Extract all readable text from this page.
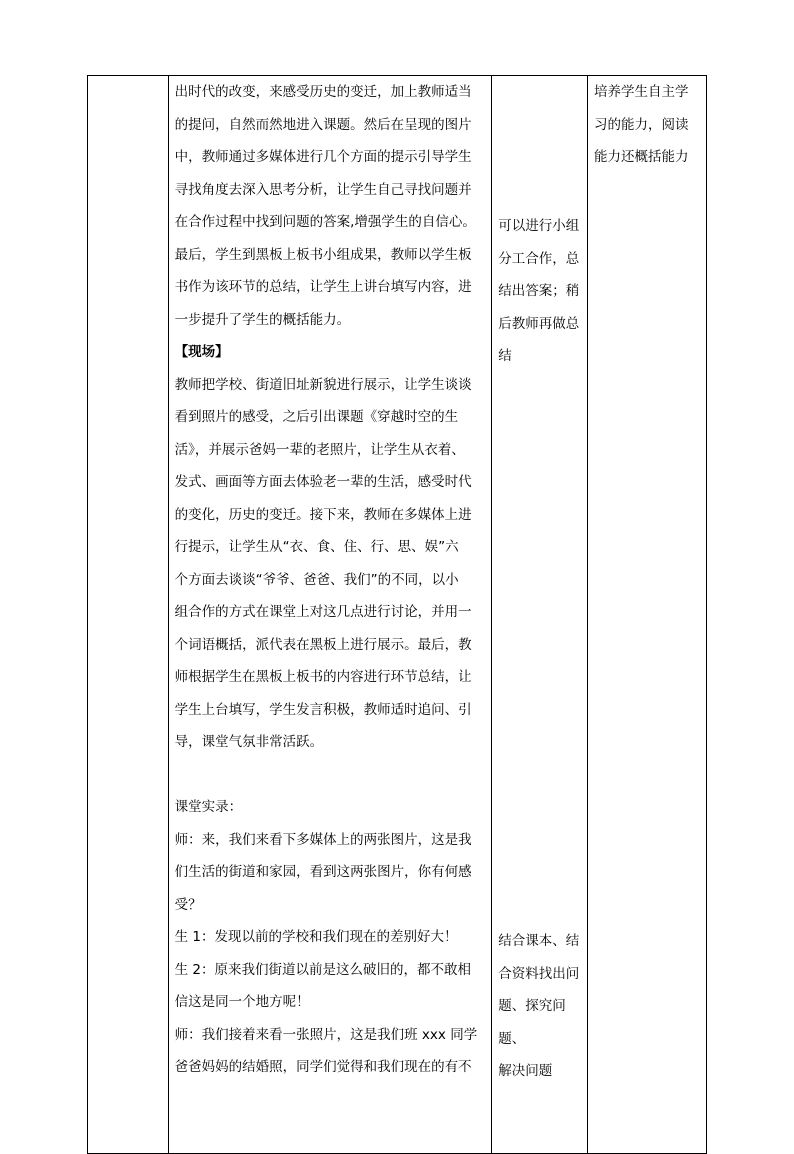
出时代的改变，来感受历史的变迁，加上教师适当
的提问，自然而然地进入课题。然后在呈现的图片
中，教师通过多媒体进行几个方面的提示引导学生
寻找角度去深入思考分析，让学生自己寻找问题并
在合作过程中找到问题的答案,增强学生的自信心。
最后，学生到黑板上板书小组成果，教师以学生板
书作为该环节的总结，让学生上讲台填写内容，进
一步提升了学生的概括能力。
【现场】
教师把学校、街道旧址新貌进行展示，让学生谈谈
看到照片的感受，之后引出课题《穿越时空的生
活》，并展示爸妈一辈的老照片，让学生从衣着、
发式、画面等方面去体验老一辈的生活，感受时代
的变化，历史的变迁。接下来，教师在多媒体上进
行提示，让学生从“衣、食、住、行、思、娱”六
个方面去谈谈“爷爷、爸爸、我们”的不同，以小
组合作的方式在课堂上对这几点进行讨论，并用一
个词语概括，派代表在黑板上进行展示。最后，教
师根据学生在黑板上板书的内容进行环节总结，让
学生上台填写，学生发言积极，教师适时追问、引
导，课堂气氛非常活跃。
课堂实录：
师：来，我们来看下多媒体上的两张图片，这是我
们生活的街道和家园，看到这两张图片，你有何感
受？
生 1：发现以前的学校和我们现在的差别好大！
生 2：原来我们街道以前是这么破旧的，都不敢相
信这是同一个地方呢！
师：我们接着来看一张照片，这是我们班 xxx 同学
爸爸妈妈的结婚照，同学们觉得和我们现在的有不

可以进行小组
分工合作，总
结出答案；稍
后教师再做总
结

结合课本、结
合资料找出问
题、探究问题、
解决问题

培养学生自主学
习的能力，阅读
能力还概括能力
